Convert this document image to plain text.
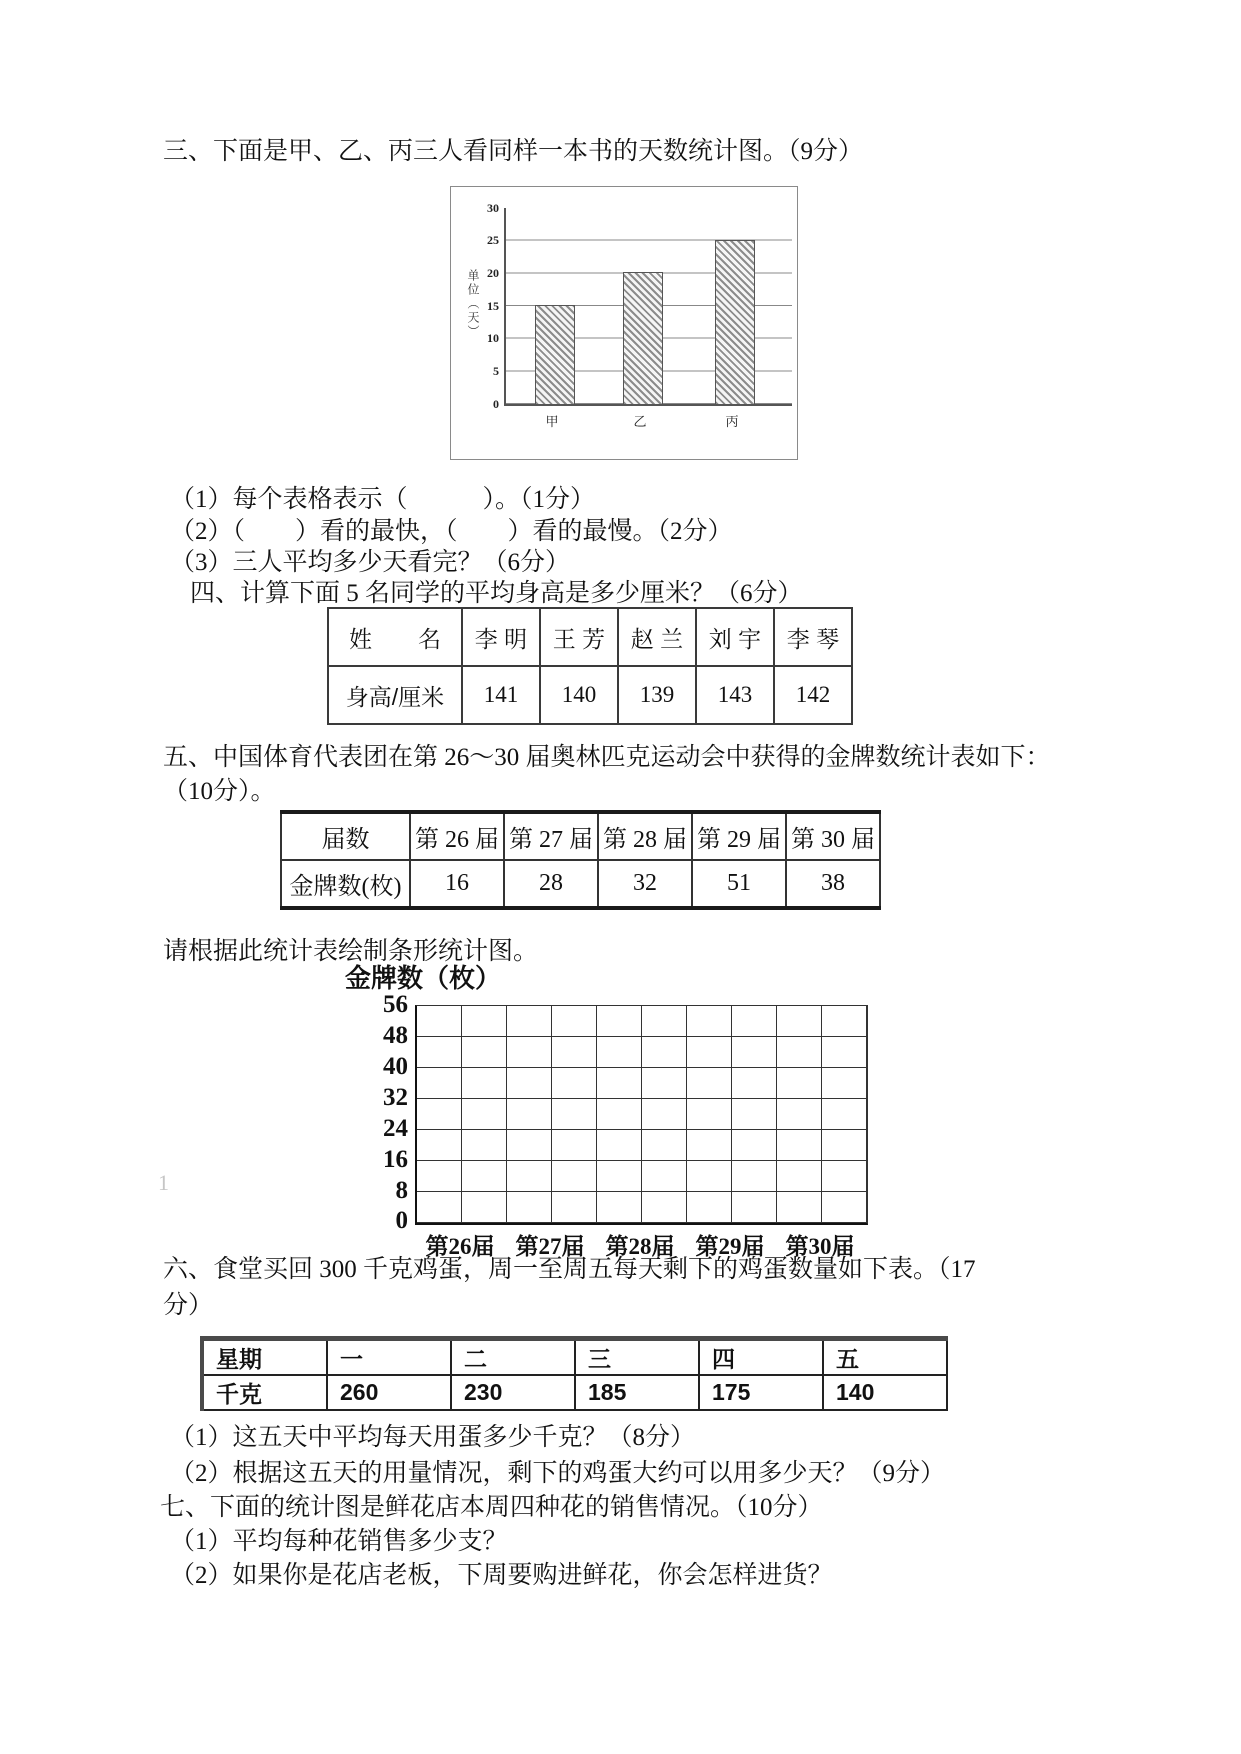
三、下面是甲、乙、丙三人看同样一本书的天数统计图。（9分）
单位（天）
30
25
20
15
10
5
0
甲	乙	丙
（1）每个表格表示（　　　）。（1分）
（2）（　　）看的最快，（　　）看的最慢。（2分）
（3）三人平均多少天看完？（6分）
四、计算下面 5 名同学的平均身高是多少厘米？（6分）
姓　　名	李 明	王 芳	赵 兰	刘 宇	李 琴
身高/厘米	141	140	139	143	142
五、中国体育代表团在第 26～30 届奥林匹克运动会中获得的金牌数统计表如下：
（10分）。
届数	第 26 届	第 27 届	第 28 届	第 29 届	第 30 届
金牌数(枚)	16	28	32	51	38
请根据此统计表绘制条形统计图。
金牌数（枚）
56
48
40
32
24
16
8
0
第26届 第27届 第28届 第29届 第30届
1
六、食堂买回 300 千克鸡蛋，周一至周五每天剩下的鸡蛋数量如下表。（17
分）
星期	一	二	三	四	五
千克	260	230	185	175	140
（1）这五天中平均每天用蛋多少千克？（8分）
（2）根据这五天的用量情况，剩下的鸡蛋大约可以用多少天？（9分）
七、下面的统计图是鲜花店本周四种花的销售情况。（10分）
（1）平均每种花销售多少支？
（2）如果你是花店老板，下周要购进鲜花，你会怎样进货？
